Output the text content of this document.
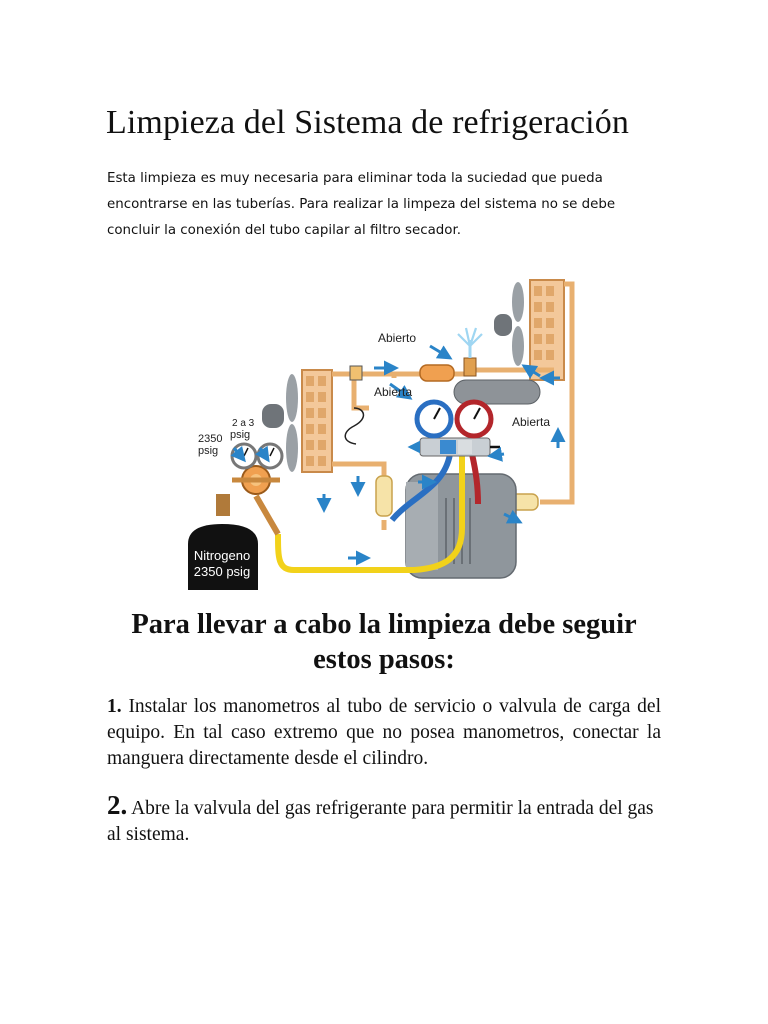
Limpieza del Sistema de refrigeración

Esta limpieza es muy necesaria para eliminar toda la suciedad que pueda encontrarse en las tuberías. Para realizar la limpeza del sistema no se debe concluir la conexión del tubo capilar al filtro secador.

Nitrogeno
2350 psig
Abierto
Abierta
Abierta
2 a 3
psig
2350
psig
Para llevar a cabo la limpieza debe seguir estos pasos:

1. Instalar los manometros al tubo de servicio o valvula de carga del equipo. En tal caso extremo que no posea manometros, conectar la manguera directamente desde el cilindro.

2. Abre la valvula del gas refrigerante para permitir la entrada del gas al sistema.
